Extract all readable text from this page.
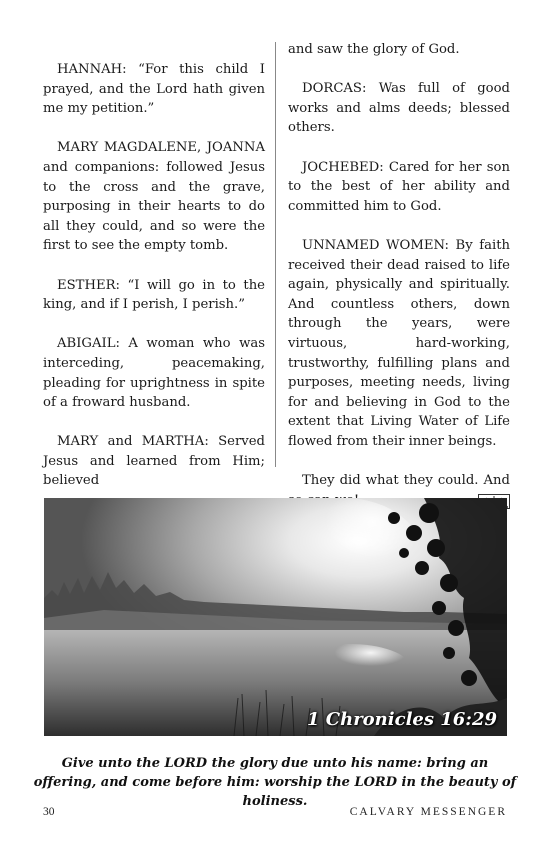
HANNAH: “For this child I prayed, and the Lord hath given me my petition.”

MARY MAGDALENE, JOANNA and companions: followed Jesus to the cross and the grave, purposing in their hearts to do all they could, and so were the first to see the empty tomb.

ESTHER: “I will go in to the king, and if I perish, I perish.”

ABIGAIL: A woman who was interceding, peacemaking, pleading for uprightness in spite of a froward husband.

MARY and MARTHA: Served Jesus and learned from Him; believed

and saw the glory of God.

DORCAS: Was full of good works and alms deeds; blessed others.

JOCHEBED: Cared for her son to the best of her ability and committed him to God.

UNNAMED WOMEN: By faith received their dead raised to life again, physically and spiritually. And countless others, down through the years, were virtuous, hard-working, trustworthy, fulfilling plans and purposes, meeting needs, living for and believing in God to the extent that Living Water of Life flowed from their inner beings.

They did what they could. And

1 Chronicles 16:29
Give unto the LORD the glory due unto his name: bring an offering, and come before him: worship the LORD in the beauty of holiness.
30	CALVARY MESSENGER
